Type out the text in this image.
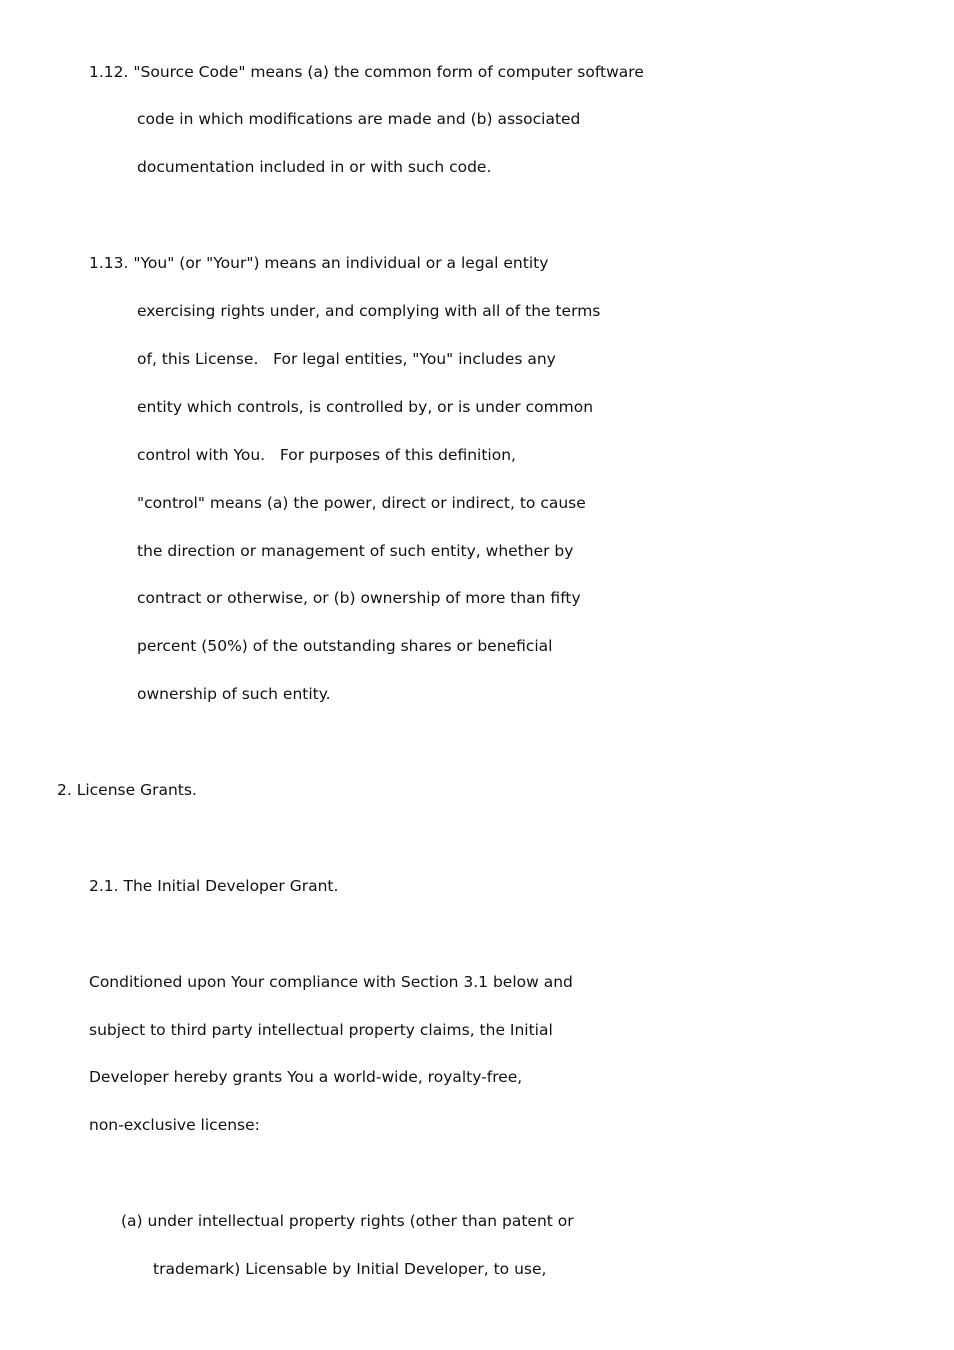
1.12. "Source Code" means (a) the common form of computer software

code in which modifications are made and (b) associated

documentation included in or with such code.

1.13. "You" (or "Your") means an individual or a legal entity

exercising rights under, and complying with all of the terms

of, this License.   For legal entities, "You" includes any

entity which controls, is controlled by, or is under common

control with You.   For purposes of this definition,

"control" means (a) the power, direct or indirect, to cause

the direction or management of such entity, whether by

contract or otherwise, or (b) ownership of more than fifty

percent (50%) of the outstanding shares or beneficial

ownership of such entity.

2. License Grants.

2.1. The Initial Developer Grant.

Conditioned upon Your compliance with Section 3.1 below and

subject to third party intellectual property claims, the Initial

Developer hereby grants You a world-wide, royalty-free,

non-exclusive license:

(a) under intellectual property rights (other than patent or

trademark) Licensable by Initial Developer, to use,
